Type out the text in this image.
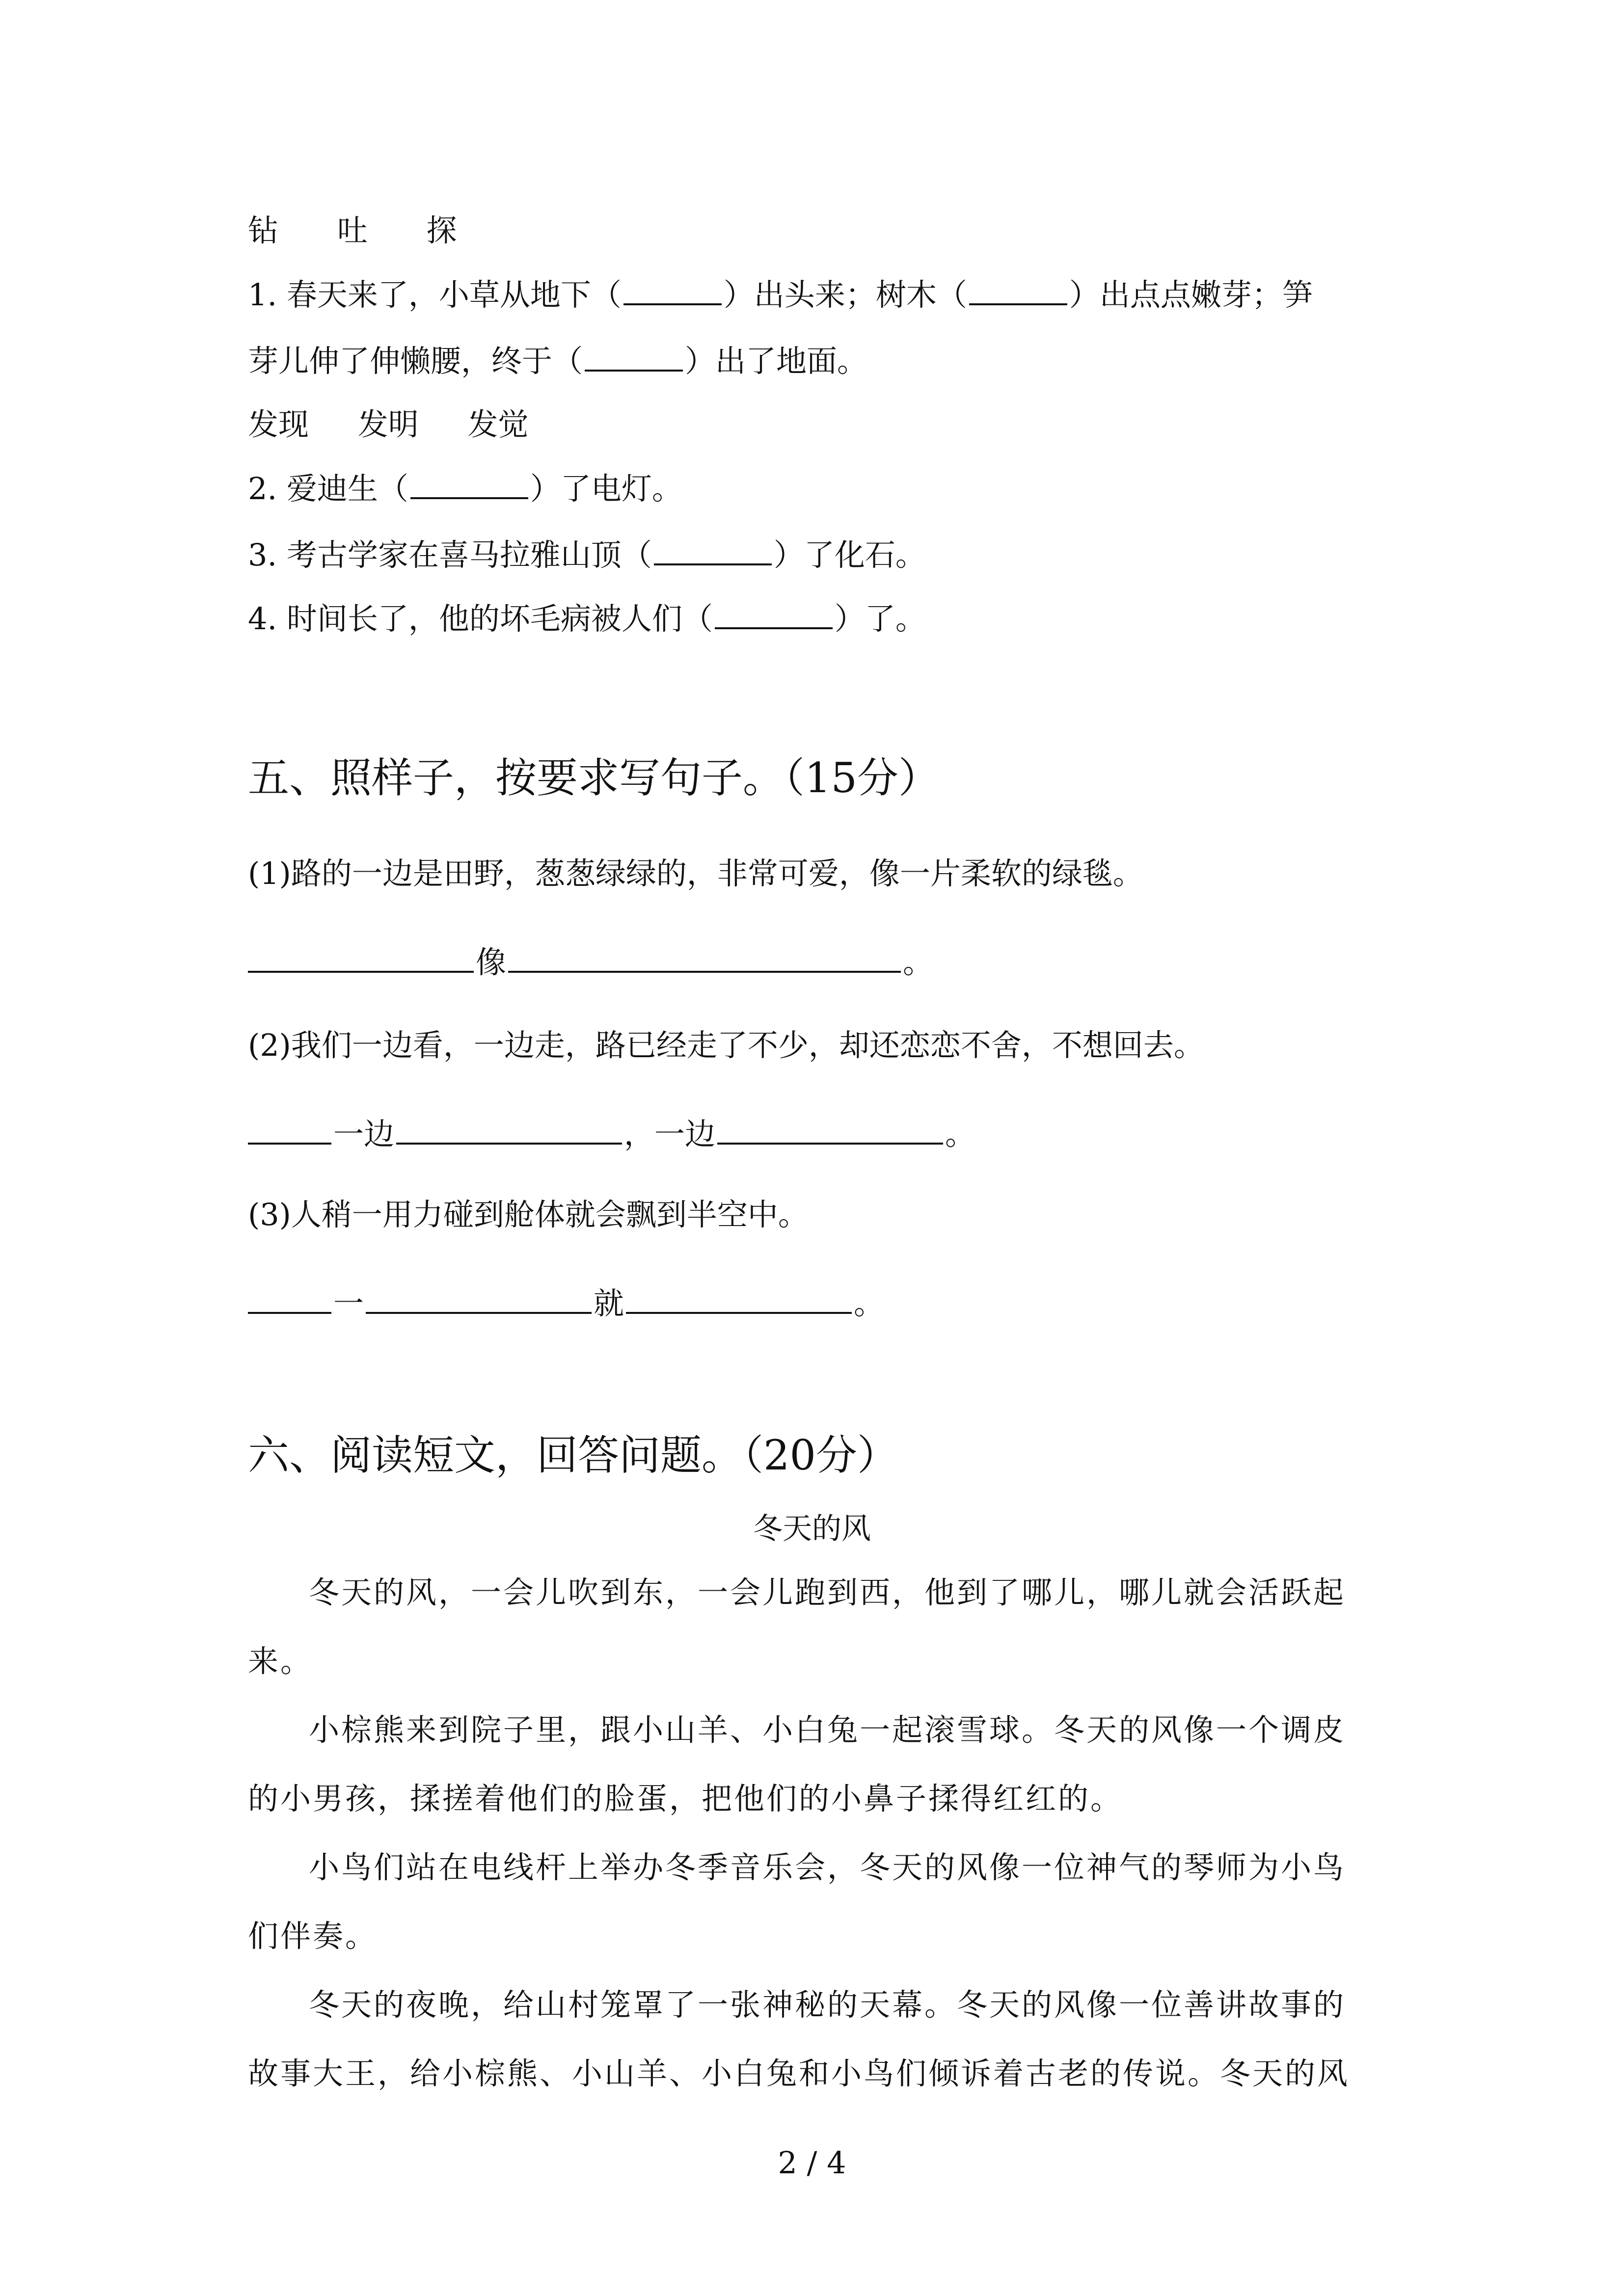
钻 吐 探
1. 春天来了，小草从地下（	）出头来；树木（	）出点点嫩芽；笋
芽儿伸了伸懒腰，终于（	）出了地面。
发现 发明 发觉
2. 爱迪生（	）了电灯。
3. 考古学家在喜马拉雅山顶（	）了化石。
4. 时间长了，他的坏毛病被人们（	）了。
五、照样子，按要求写句子。（15分）
(1)路的一边是田野，葱葱绿绿的，非常可爱，像一片柔软的绿毯。
像	。
(2)我们一边看，一边走，路已经走了不少，却还恋恋不舍，不想回去。
一边	，一边	。
(3)人稍一用力碰到舱体就会飘到半空中。
一	就	。
六、阅读短文，回答问题。（20分）
冬天的风

冬天的风，一会儿吹到东，一会儿跑到西，他到了哪儿，哪儿就会活跃起来。

小棕熊来到院子里，跟小山羊、小白兔一起滚雪球。冬天的风像一个调皮的小男孩，揉搓着他们的脸蛋，把他们的小鼻子揉得红红的。

小鸟们站在电线杆上举办冬季音乐会，冬天的风像一位神气的琴师为小鸟们伴奏。

冬天的夜晚，给山村笼罩了一张神秘的天幕。冬天的风像一位善讲故事的故事大王，给小棕熊、小山羊、小白兔和小鸟们倾诉着古老的传说。冬天的风

2 / 4
